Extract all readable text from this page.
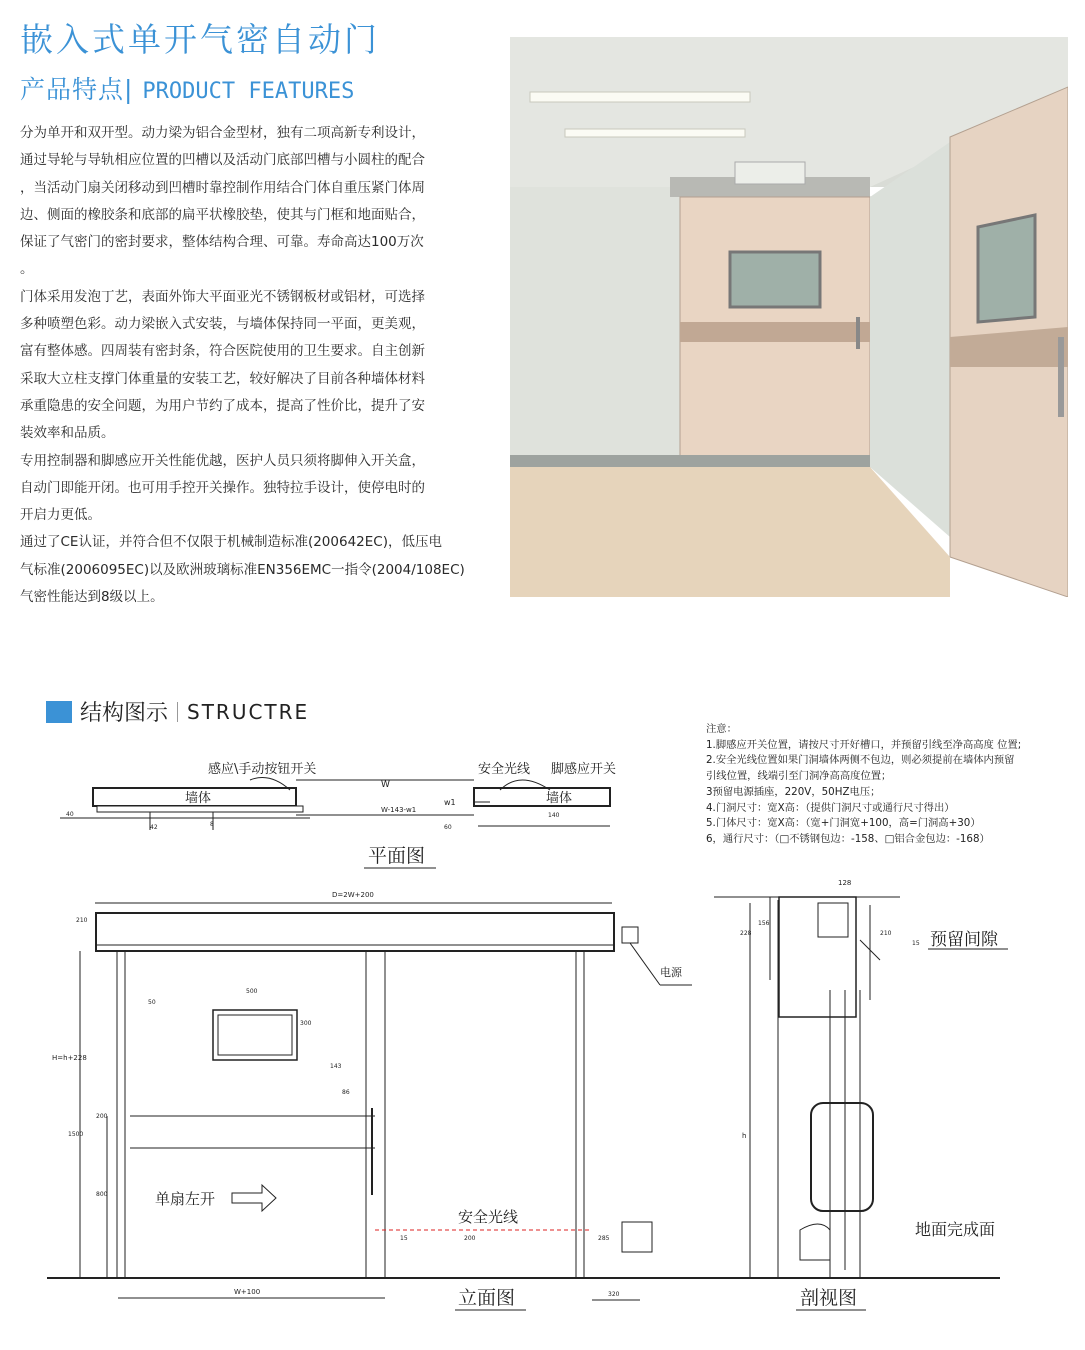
嵌入式单开气密自动门
产品特点| PRODUCT FEATURES

分为单开和双开型。动力梁为铝合金型材，独有二项高新专利设计，

通过导轮与导轨相应位置的凹槽以及活动门底部凹槽与小圆柱的配合

，当活动门扇关闭移动到凹槽时靠控制作用结合门体自重压紧门体周

边、侧面的橡胶条和底部的扁平状橡胶垫，使其与门框和地面贴合，

保证了气密门的密封要求，整体结构合理、可靠。寿命高达100万次

。

门体采用发泡丁艺，表面外饰大平面亚光不锈钢板材或铝材，可选择

多种喷塑色彩。动力梁嵌入式安装，与墙体保持同一平面，更美观，

富有整体感。四周装有密封条，符合医院使用的卫生要求。自主创新

采取大立柱支撑门体重量的安装工艺，较好解决了目前各种墙体材料

承重隐患的安全问题，为用户节约了成本，提高了性价比，提升了安

装效率和品质。

专用控制器和脚感应开关性能优越，医护人员只须将脚伸入开关盒，

自动门即能开闭。也可用手控开关操作。独特拉手设计，使停电时的

开启力更低。

通过了CE认证，并符合但不仅限于机械制造标准(200642EC)，低压电

气标准(2006095EC)以及欧洲玻璃标准EN356EMC一指令(2004/108EC)

气密性能达到8级以上。

结构图示 STRUCTRE
注意：
1.脚感应开关位置，请按尺寸开好槽口，并预留引线至净高高度 位置;
2.安全光线位置如果门洞墙体两侧不包边，则必须提前在墙体内预留
引线位置，线端引至门洞净高高度位置；
3预留电源插座，220V，50HZ电压；
4.门洞尺寸：宽X高：（提供门洞尺寸或通行尺寸得出）
5.门体尺寸：宽X高：（宽+门洞宽+100，高=门洞高+30）
6，通行尺寸：（□不锈钢包边：-158、□铝合金包边：-168）
感应\手动按钮开关	安全光线 脚感应开关
墙体	墙体
W
W-143-w1
w1
40
42	8	60
140
平面图
D=2W+200
210
H=h+228
500
300
50
143
86
200
1500
800
15
W+100
200	285
320
单扇左开
安全光线
电源
立面图
128
228
156
210
15
h
预留间隙
地面完成面
剖视图
